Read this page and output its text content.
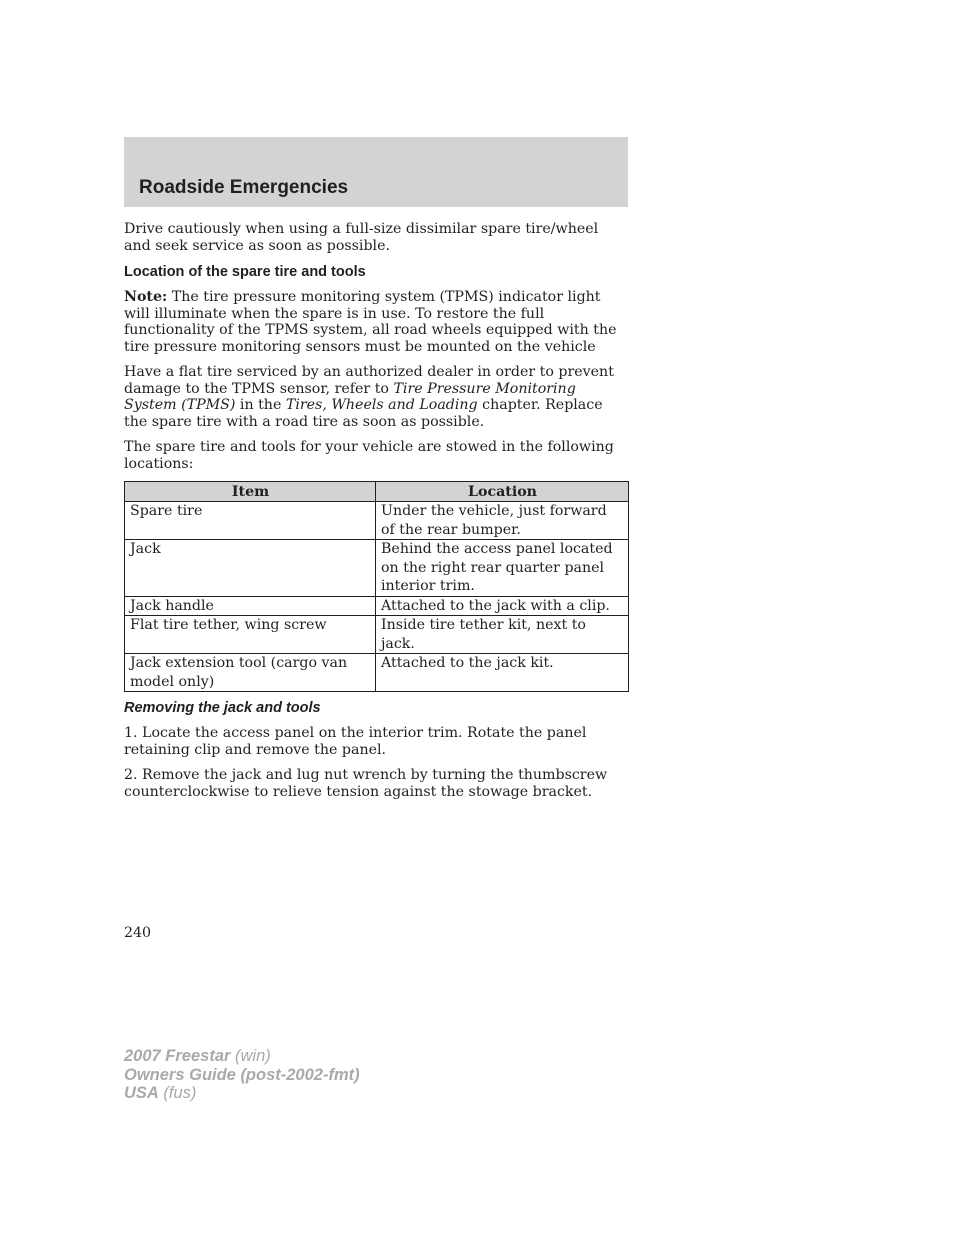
Roadside Emergencies

Drive cautiously when using a full-size dissimilar spare tire/wheel and seek service as soon as possible.

Location of the spare tire and tools

Note: The tire pressure monitoring system (TPMS) indicator light will illuminate when the spare is in use. To restore the full functionality of the TPMS system, all road wheels equipped with the tire pressure monitoring sensors must be mounted on the vehicle

Have a flat tire serviced by an authorized dealer in order to prevent damage to the TPMS sensor, refer to Tire Pressure Monitoring System (TPMS) in the Tires, Wheels and Loading chapter. Replace the spare tire with a road tire as soon as possible.

The spare tire and tools for your vehicle are stowed in the following locations:

Item	Location
Spare tire	Under the vehicle, just forward of the rear bumper.
Jack	Behind the access panel located on the right rear quarter panel interior trim.
Jack handle	Attached to the jack with a clip.
Flat tire tether, wing screw	Inside tire tether kit, next to jack.
Jack extension tool (cargo van model only)	Attached to the jack kit.
Removing the jack and tools

1. Locate the access panel on the interior trim. Rotate the panel retaining clip and remove the panel.

2. Remove the jack and lug nut wrench by turning the thumbscrew counterclockwise to relieve tension against the stowage bracket.

240
2007 Freestar (win)
Owners Guide (post-2002-fmt)
USA (fus)
